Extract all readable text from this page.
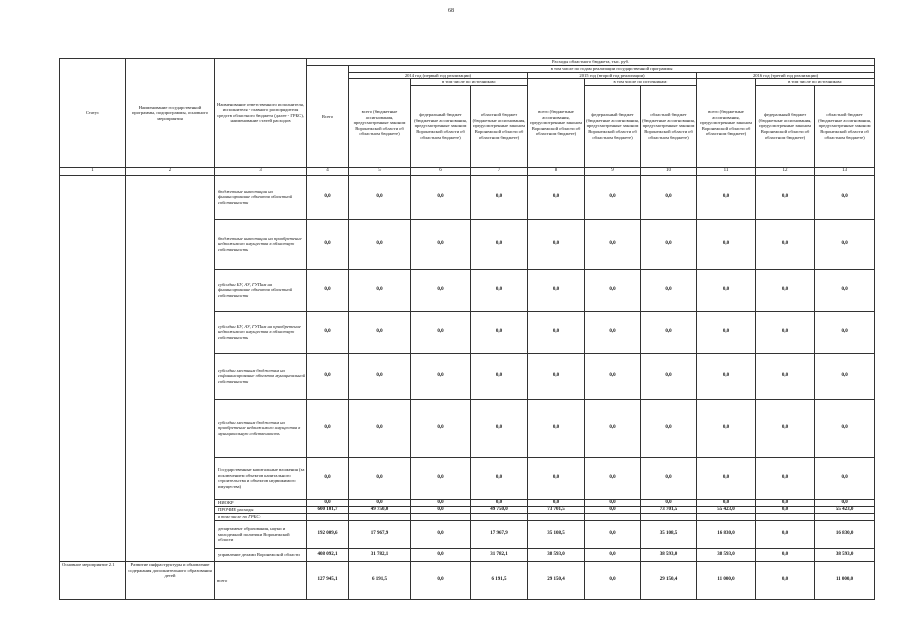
68
Статус	Наименование государственной программы, подпрограммы, основного мероприятия	Наименование ответственного исполнителя, исполнителя - главного распорядителя средств областного бюджета (далее - ГРБС), наименование статей расходов	Расходы областного бюджета, тыс. руб.									
			Всего	в том числе по годам реализации государственной программы								
				2014 год (первый год реализации)			2015 год (второй год реализации)			2016 год (третий год реализации)		
				всего (бюджетные ассигнования, предусмотренные законом Воронежской области об областном бюджете)	в том числе по источникам:		всего (бюджетные ассигнования, предусмотренные законом Воронежской области об областном бюджете)	в том числе по источникам:		всего (бюджетные ассигнования, предусмотренные законом Воронежской области об областном бюджете)	в том числе по источникам:	
					федеральный бюджет (бюджетные ассигнования, предусмотренные законом Воронежской области об областном бюджете)	областной бюджет (бюджетные ассигнования, предусмотренные законом Воронежской области об областном бюджете)		федеральный бюджет (бюджетные ассигнования, предусмотренные законом Воронежской области об областном бюджете)	областной бюджет (бюджетные ассигнования, предусмотренные законом Воронежской области об областном бюджете)		федеральный бюджет (бюджетные ассигнования, предусмотренные законом Воронежской области об областном бюджете)	областной бюджет (бюджетные ассигнования, предусмотренные законом Воронежской области об областном бюджете)
1	2	3	4	5	6	7	8	9	10	11	12	13
		бюджетные инвестиции на финансирование объектов областной собственности	0,0	0,0	0,0	0,0	0,0	0,0	0,0	0,0	0,0	0,0
		бюджетные инвестиции на приобретение недвижимого имущества в областную собственность	0,0	0,0	0,0	0,0	0,0	0,0	0,0	0,0	0,0	0,0
		субсидии БУ, АУ, ГУПам на финансирование объектов областной собственности	0,0	0,0	0,0	0,0	0,0	0,0	0,0	0,0	0,0	0,0
		субсидии БУ, АУ, ГУПам на приобретение недвижимого имущества в областную собственность	0,0	0,0	0,0	0,0	0,0	0,0	0,0	0,0	0,0	0,0
		субсидии местным бюджетам на софинансирование объектов муниципальной собственности	0,0	0,0	0,0	0,0	0,0	0,0	0,0	0,0	0,0	0,0
		субсидии местным бюджетам на приобретение недвижимого имущества в муниципальную собственность	0,0	0,0	0,0	0,0	0,0	0,0	0,0	0,0	0,0	0,0
		Государственные капитальные вложения (за исключением объектов капитального строительства и объектов недвижимого имущества)	0,0	0,0	0,0	0,0	0,0	0,0	0,0	0,0	0,0	0,0
		НИОКР	0,0	0,0	0,0	0,0	0,0	0,0	0,0	0,0	0,0	0,0
		ПРОЧИЕ расходы	600 101,7	49 750,0	0,0	49 750,0	73 701,5	0,0	73 701,5	55 423,0	0,0	55 423,0
		в том числе по ГРБС:										
		департамент образования, науки и молодежной политики Воронежской области	192 009,6	17 967,9	0,0	17 967,9	35 108,5	0,0	35 108,5	16 830,0	0,0	16 830,0
		управление делами Воронежской области	408 092,1	31 782,1	0,0	31 782,1	38 593,0	0,0	38 593,0	38 593,0	0,0	38 593,0
Основное мероприятие 2.1	Развитие инфраструктуры и обновление содержания дополнительного образования детей	всего	127 945,1	6 191,5	0,0	6 191,5	29 150,4	0,0	29 150,4	11 000,0	0,0	11 000,0
